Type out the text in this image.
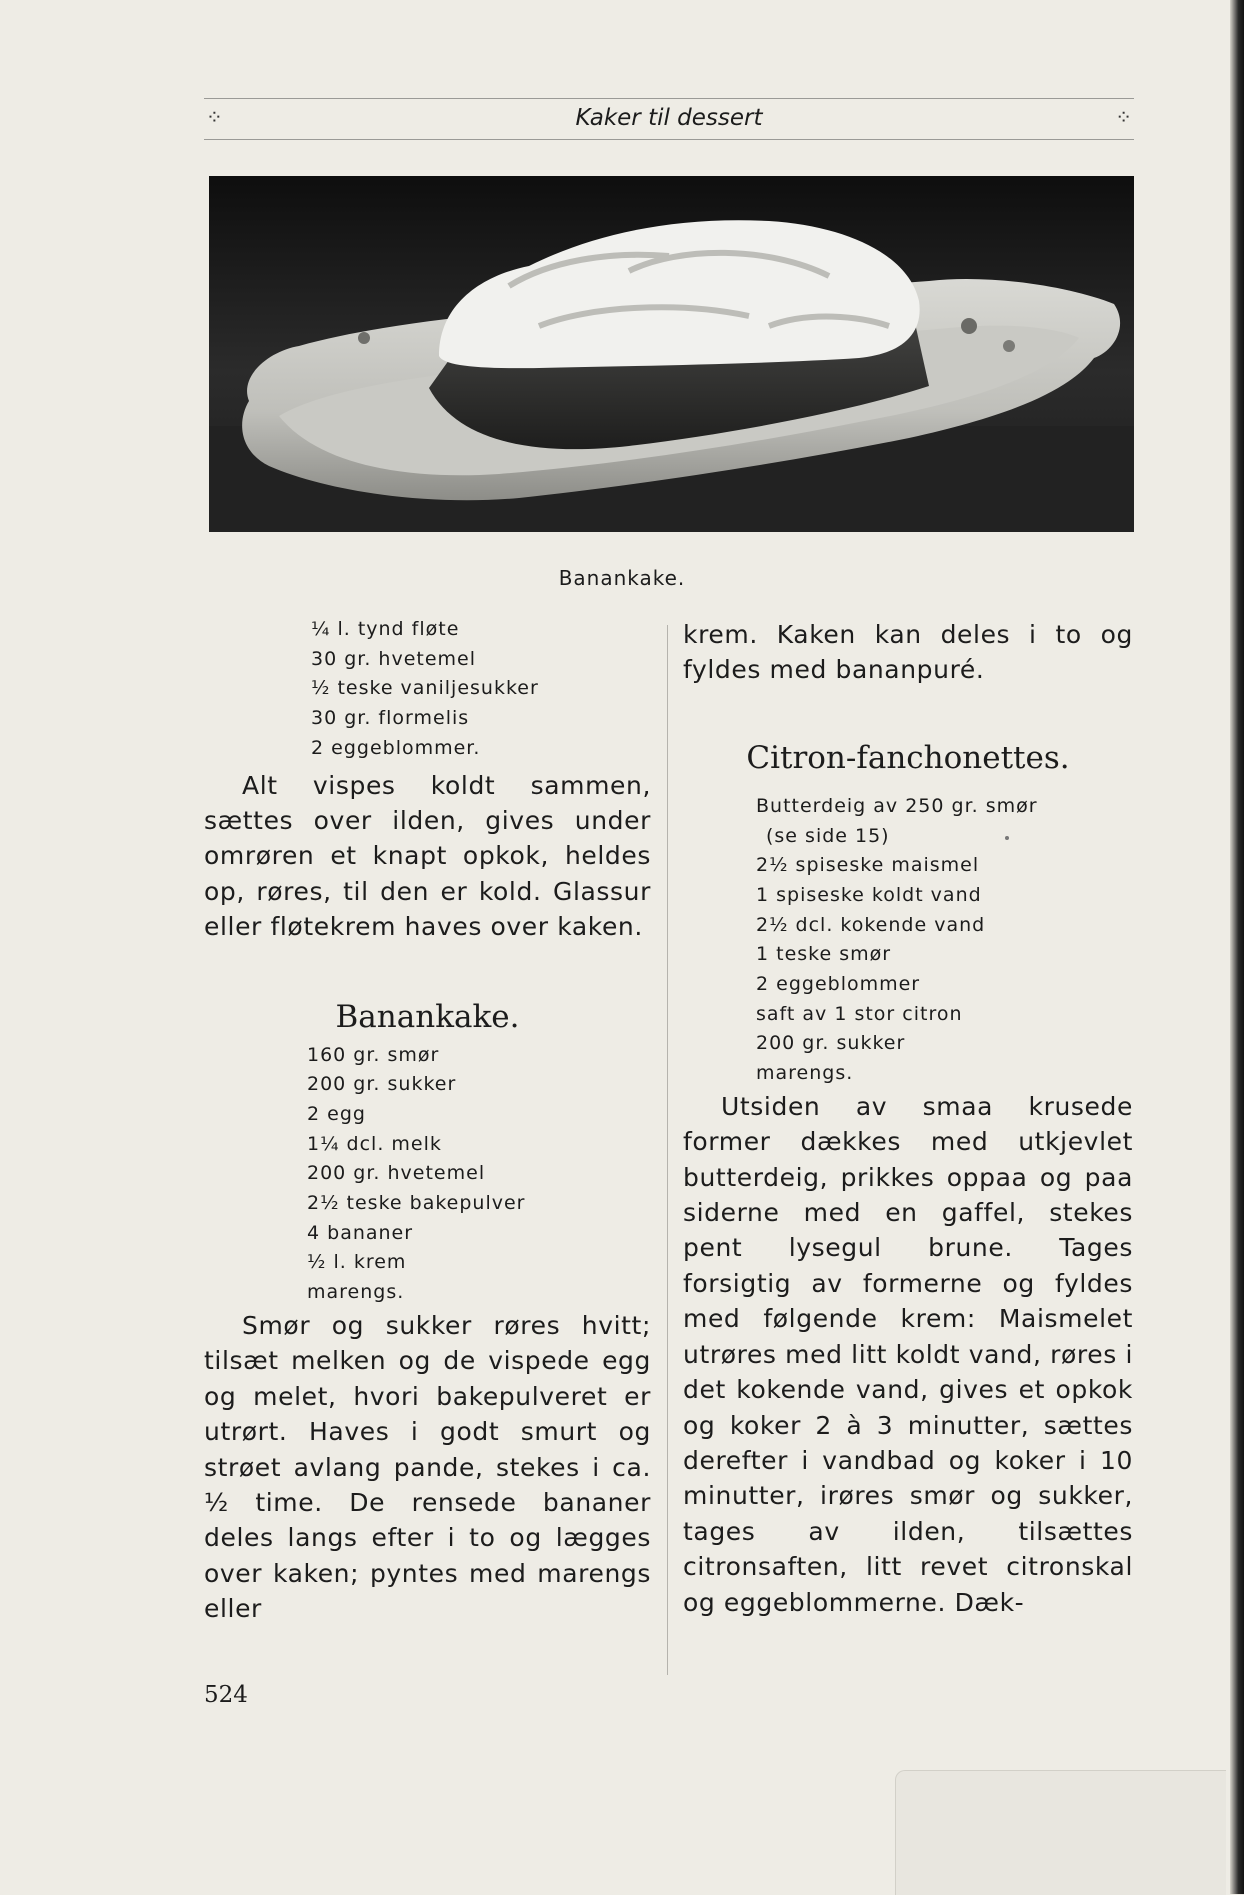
⁘	Kaker til dessert	⁘
Banankake.
¼ l. tynd fløte
30 gr. hvetemel
½ teske vaniljesukker
30 gr. flormelis
2 eggeblommer.

Alt vispes koldt sammen, sættes over ilden, gives under omrøren et knapt opkok, heldes op, røres, til den er kold. Glassur eller fløtekrem haves over kaken.

Banankake.
160 gr. smør
200 gr. sukker
2 egg
1¼ dcl. melk
200 gr. hvetemel
2½ teske bakepulver
4 bananer
½ l. krem
marengs.

Smør og sukker røres hvitt; tilsæt melken og de vispede egg og melet, hvori bakepulveret er utrørt. Haves i godt smurt og strøet avlang pande, stekes i ca. ½ time. De rensede bananer deles langs efter i to og lægges over kaken; pyntes med marengs eller

krem. Kaken kan deles i to og fyldes med bananpuré.

Citron-fanchonettes.
Butterdeig av 250 gr. smør
(se side 15)
2½ spiseske maismel
1 spiseske koldt vand
2½ dcl. kokende vand
1 teske smør
2 eggeblommer
saft av 1 stor citron
200 gr. sukker
marengs.

Utsiden av smaa krusede former dækkes med utkjevlet butterdeig, prikkes oppaa og paa siderne med en gaffel, stekes pent lysegul brune. Tages forsigtig av formerne og fyldes med følgende krem: Maismelet utrøres med litt koldt vand, røres i det kokende vand, gives et opkok og koker 2 à 3 minutter, sættes derefter i vandbad og koker i 10 minutter, irøres smør og sukker, tages av ilden, tilsættes citronsaften, litt revet citronskal og eggeblommerne. Dæk-

524
